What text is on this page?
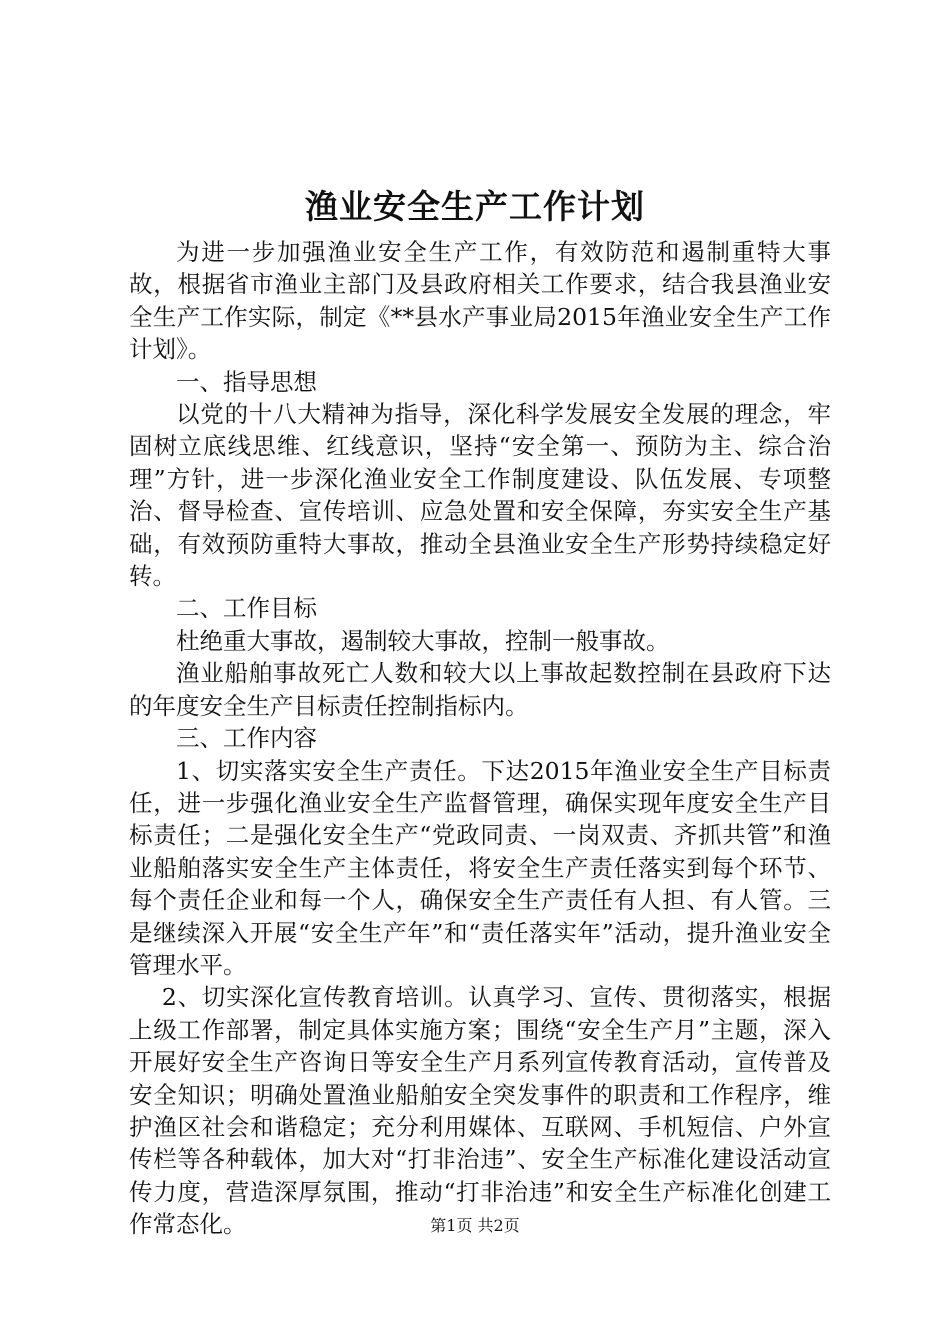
渔业安全生产工作计划

为进一步加强渔业安全生产工作，有效防范和遏制重特大事故，根据省市渔业主部门及县政府相关工作要求，结合我县渔业安全生产工作实际，制定《**县水产事业局2015年渔业安全生产工作计划》。

一、指导思想

以党的十八大精神为指导，深化科学发展安全发展的理念，牢固树立底线思维、红线意识，坚持“安全第一、预防为主、综合治理”方针，进一步深化渔业安全工作制度建设、队伍发展、专项整治、督导检查、宣传培训、应急处置和安全保障，夯实安全生产基础，有效预防重特大事故，推动全县渔业安全生产形势持续稳定好转。

二、工作目标

杜绝重大事故，遏制较大事故，控制一般事故。

渔业船舶事故死亡人数和较大以上事故起数控制在县政府下达的年度安全生产目标责任控制指标内。

三、工作内容

1、切实落实安全生产责任。下达2015年渔业安全生产目标责任，进一步强化渔业安全生产监督管理，确保实现年度安全生产目标责任；二是强化安全生产“党政同责、一岗双责、齐抓共管”和渔业船舶落实安全生产主体责任，将安全生产责任落实到每个环节、每个责任企业和每一个人，确保安全生产责任有人担、有人管。三是继续深入开展“安全生产年”和“责任落实年”活动，提升渔业安全管理水平。

2、切实深化宣传教育培训。认真学习、宣传、贯彻落实，根据上级工作部署，制定具体实施方案；围绕“安全生产月”主题，深入开展好安全生产咨询日等安全生产月系列宣传教育活动，宣传普及安全知识；明确处置渔业船舶安全突发事件的职责和工作程序，维护渔区社会和谐稳定；充分利用媒体、互联网、手机短信、户外宣传栏等各种载体，加大对“打非治违”、安全生产标准化建设活动宣传力度，营造深厚氛围，推动“打非治违”和安全生产标准化创建工作常态化。	第1页 共2页
